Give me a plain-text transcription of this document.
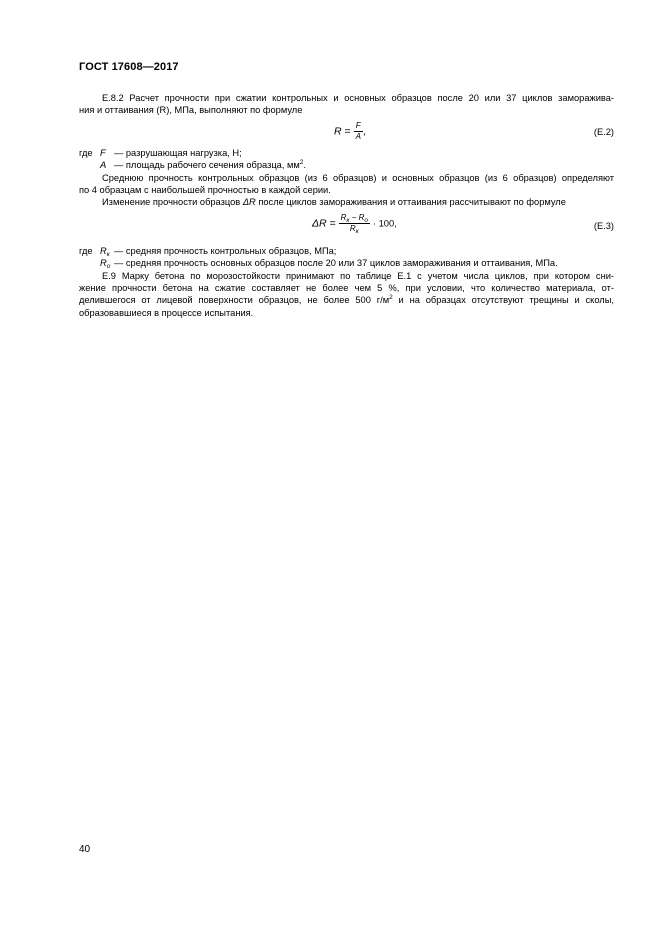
ГОСТ 17608—2017

Е.8.2 Расчет прочности при сжатии контрольных и основных образцов после 20 или 37 циклов заморажива-
ния и оттаивания (R), МПа, выполняют по формуле

$R = \frac{F}{A}$ ,	(Е.2)
где F — разрушающая нагрузка, Н;
A — площадь рабочего сечения образца, $мм^2$.

Среднюю прочность контрольных образцов (из 6 образцов) и основных образцов (из 6 образцов) определяют
по 4 образцам с наибольшей прочностью в каждой серии.

Изменение прочности образцов ΔR после циклов замораживания и оттаивания рассчитывают по формуле

$\Delta R = \frac{R_к - R_о}{R_к} \cdot 100$,	(Е.3)
где $R_к$ — средняя прочность контрольных образцов, МПа;
$R_о$ — средняя прочность основных образцов после 20 или 37 циклов замораживания и оттаивания, МПа.

Е.9 Марку бетона по морозостойкости принимают по таблице Е.1 с учетом числа циклов, при котором сни-
жение прочности бетона на сжатие составляет не более чем 5 %, при условии, что количество материала, от-
делившегося от лицевой поверхности образцов, не более 500 $г/м^2$ и на образцах отсутствуют трещины и сколы,
образовавшиеся в процессе испытания.

40
